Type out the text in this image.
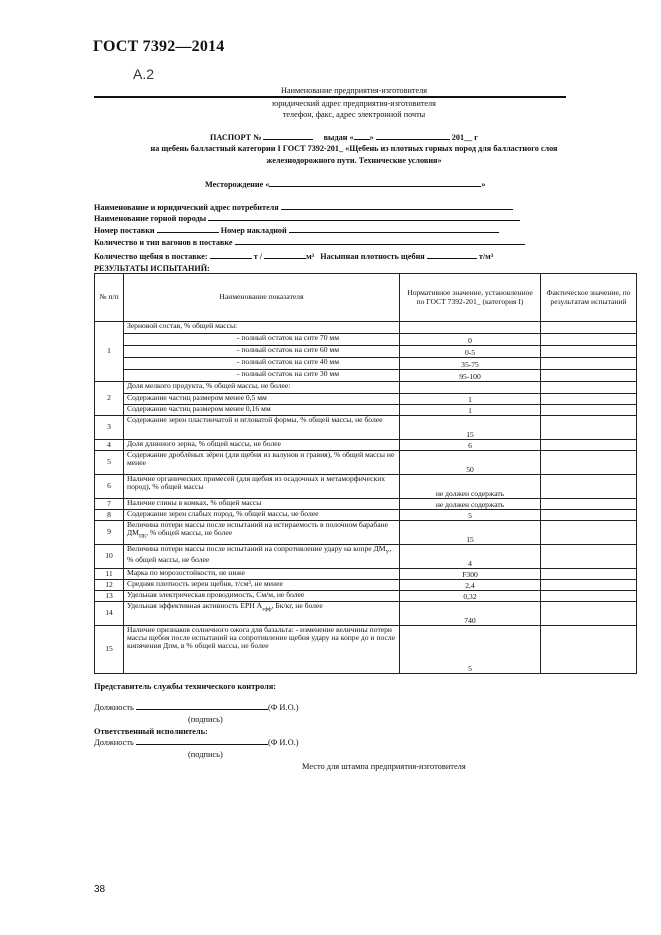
ГОСТ 7392—2014
А.2
Наименование предприятия-изготовителя
юридический адрес предприятия-изготовителя
телефон, факс, адрес электронной почты
ПАСПОРТ №	выдан « »	201__ г
на щебень балластный категории I ГОСТ 7392-201_ «Щебень из плотных горных пород для балластного слоя
железнодорожного пути. Технические условия»
Месторождение «	»
Наименование и юридический адрес потребителя
Наименование горной породы
Номер поставки	Номер накладной
Количество и тип вагонов в поставке
Количество щебня в поставке:	т /	м³ Насыпная плотность щебня	т/м³
РЕЗУЛЬТАТЫ ИСПЫТАНИЙ:
№ п/п	Наименование показателя	Нормативное значение, установленное по ГОСТ 7392-201_ (категория I)	Фактическое значение, по результатам испытаний
1	Зерновой состав, % общей массы:		
	- полный остаток на сите 70 мм	0	
	- полный остаток на сите 60 мм	0-5	
	- полный остаток на сите 40 мм	35-75	
	- полный остаток на сите 30 мм	95-100	
2	Доля мелкого продукта, % общей массы, не более:		
	Содержание частиц размером менее 0,5 мм	1	
	Содержание частиц размером менее 0,16 мм	1	
3	Содержание зерен пластинчатой и игловатой формы, % общей массы, не более	15	
4	Доля длинного зерна, % общей массы, не более	6	
5	Содержание дроблёных зёрен (для щебня из валунов и гравия), % общей массы не менее	50	
6	Наличие органических примесей (для щебня из осадочных и метаморфических пород), % общей массы	не должен содержать	
7	Наличие глины в комках, % общей массы	не должен содержать	
8	Содержание зерен слабых пород, % общей массы, не более	5	
9	Величина потери массы после испытаний на истираемость в полочном барабане $ДМ_{ПБ}$, % общей массы, не более	15	
10	Величина потери массы после испытаний на сопротивление удару на копре $ДМ_У$, % общей массы, не более	4	
11	Марка по морозостойкости, не ниже	F300	
12	Средняя плотность зерен щебня, т/см³, не менее	2,4	
13	Удельная электрическая проводимость, См/м, не более	0,32	
14	Удельная эффективная активность ЕРН $А_{эфф}$, Бк/кг, не более	740	
15	Наличие признаков солнечного ожога для базальта: - изменение величины потери массы щебня после испытаний на сопротивление щебня удару на копре до и после кипячения Дпм, в % общей массы, не более	5	
Представитель службы технического контроля:
Должность	(Ф И.О.)
(подпись)
Ответственный исполнитель:
Должность	(Ф И.О.)
(подпись)
Место для штампа предприятия-изготовителя
38
